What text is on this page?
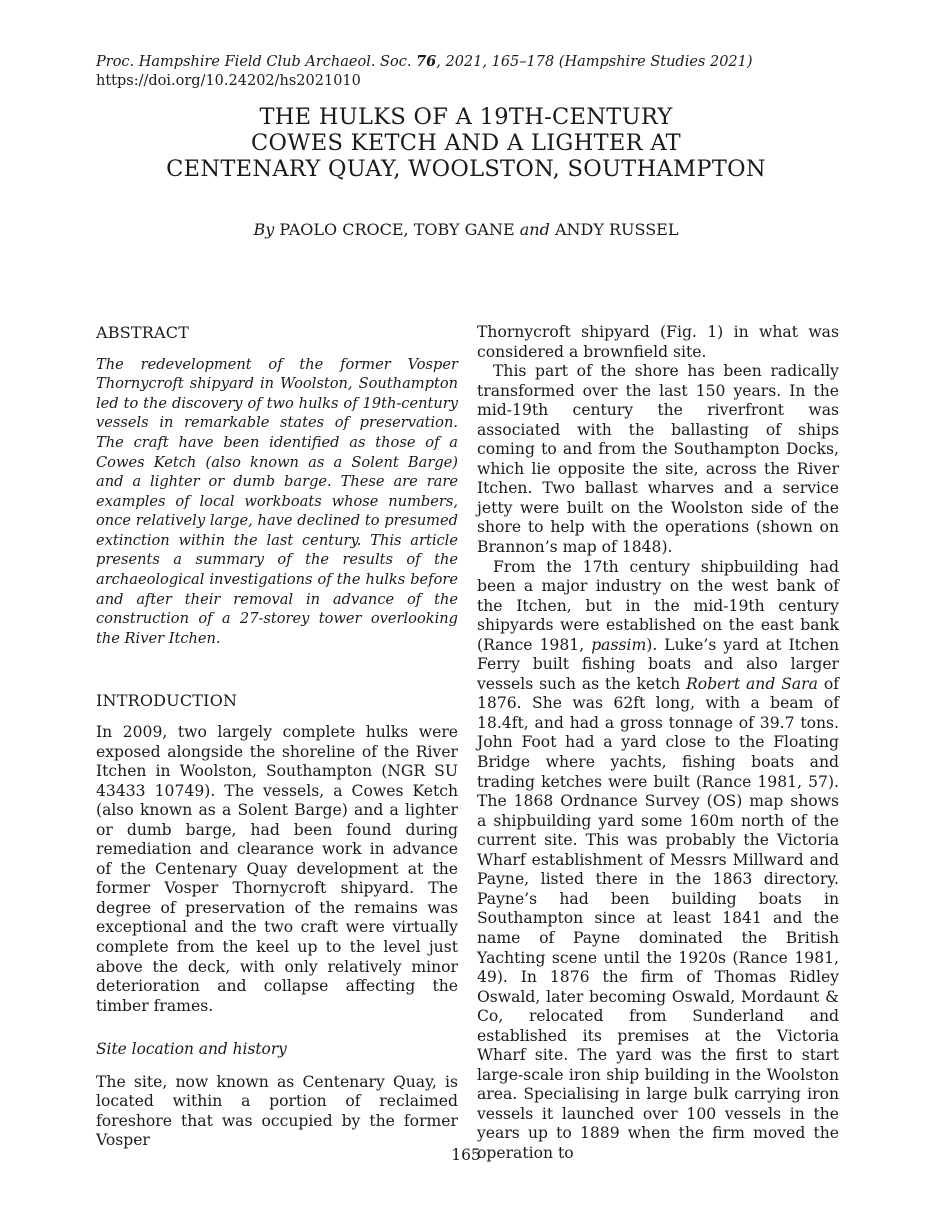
Proc. Hampshire Field Club Archaeol. Soc. 76, 2021, 165–178 (Hampshire Studies 2021)
https://doi.org/10.24202/hs2021010
THE HULKS OF A 19TH-CENTURY
COWES KETCH AND A LIGHTER AT
CENTENARY QUAY, WOOLSTON, SOUTHAMPTON
By PAOLO CROCE, TOBY GANE and ANDY RUSSEL
ABSTRACT

The redevelopment of the former Vosper Thornycroft shipyard in Woolston, Southampton led to the discovery of two hulks of 19th-century vessels in remarkable states of preservation. The craft have been identified as those of a Cowes Ketch (also known as a Solent Barge) and a lighter or dumb barge. These are rare examples of local workboats whose numbers, once relatively large, have declined to presumed extinction within the last century. This article presents a summary of the results of the archaeological investigations of the hulks before and after their removal in advance of the construction of a 27-storey tower overlooking the River Itchen.

INTRODUCTION

In 2009, two largely complete hulks were exposed alongside the shoreline of the River Itchen in Woolston, Southampton (NGR SU 43433 10749). The vessels, a Cowes Ketch (also known as a Solent Barge) and a lighter or dumb barge, had been found during remediation and clearance work in advance of the Centenary Quay development at the former Vosper Thornycroft shipyard. The degree of preservation of the remains was exceptional and the two craft were virtually complete from the keel up to the level just above the deck, with only relatively minor deterioration and collapse affecting the timber frames.

Site location and history

The site, now known as Centenary Quay, is located within a portion of reclaimed foreshore that was occupied by the former Vosper

Thornycroft shipyard (Fig. 1) in what was considered a brownfield site.

This part of the shore has been radically transformed over the last 150 years. In the mid-19th century the riverfront was associated with the ballasting of ships coming to and from the Southampton Docks, which lie opposite the site, across the River Itchen. Two ballast wharves and a service jetty were built on the Woolston side of the shore to help with the operations (shown on Brannon’s map of 1848).

From the 17th century shipbuilding had been a major industry on the west bank of the Itchen, but in the mid-19th century shipyards were established on the east bank (Rance 1981, passim). Luke’s yard at Itchen Ferry built fishing boats and also larger vessels such as the ketch Robert and Sara of 1876. She was 62ft long, with a beam of 18.4ft, and had a gross tonnage of 39.7 tons. John Foot had a yard close to the Floating Bridge where yachts, fishing boats and trading ketches were built (Rance 1981, 57). The 1868 Ordnance Survey (OS) map shows a shipbuilding yard some 160m north of the current site. This was probably the Victoria Wharf establishment of Messrs Millward and Payne, listed there in the 1863 directory. Payne’s had been building boats in Southampton since at least 1841 and the name of Payne dominated the British Yachting scene until the 1920s (Rance 1981, 49). In 1876 the firm of Thomas Ridley Oswald, later becoming Oswald, Mordaunt & Co, relocated from Sunderland and established its premises at the Victoria Wharf site. The yard was the first to start large-scale iron ship building in the Woolston area. Specialising in large bulk carrying iron vessels it launched over 100 vessels in the years up to 1889 when the firm moved the operation to

165
